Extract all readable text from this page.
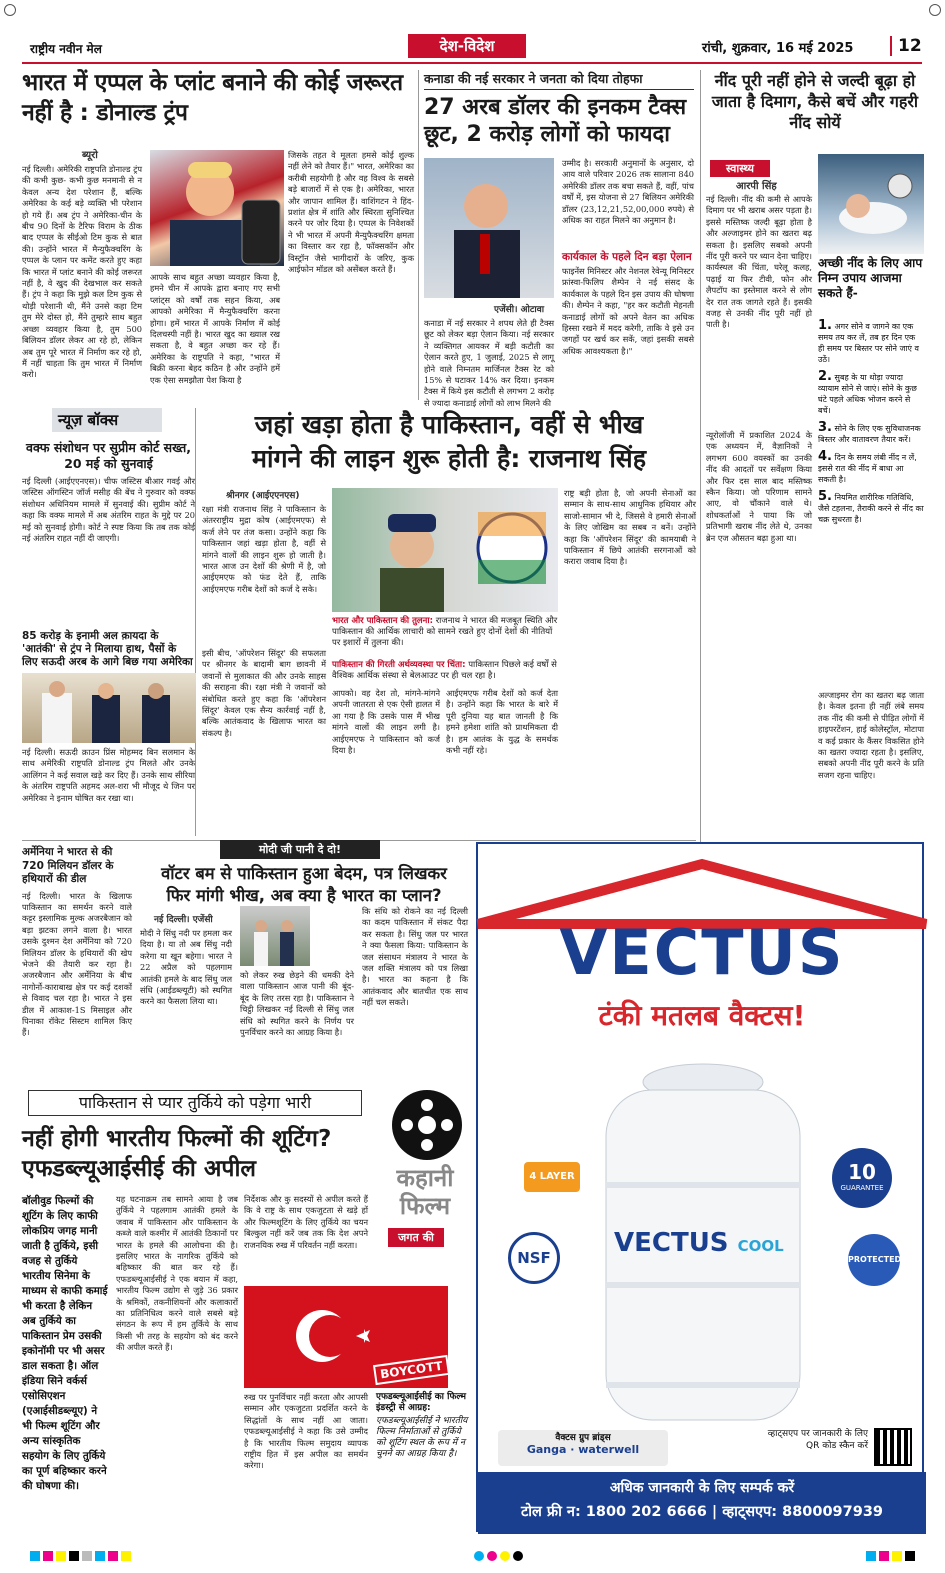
राष्ट्रीय नवीन मेल	देश-विदेश	रांची, शुक्रवार, 16 मई 2025	12
भारत में एप्पल के प्लांट बनाने की कोई जरूरत नहीं है : डोनाल्ड ट्रंप
ब्यूरो
नई दिल्ली। अमेरिकी राष्ट्रपति डोनाल्ड ट्रंप की कभी कुछ- कभी कुछ मनमानी से न केवल अन्य देश परेशान हैं, बल्कि अमेरिका के कई बड़े व्यक्ति भी परेशान हो गये हैं। अब ट्रंप ने अमेरिका-चीन के बीच 90 दिनों के टैरिफ विराम के ठीक बाद एप्पल के सीईओ टिम कुक से बात की। उन्होंने भारत में मैन्युफैक्चरिंग के एप्पल के प्लान पर कमेंट करते हुए कहा कि भारत में प्लांट बनाने की कोई जरूरत नहीं है, वे खुद की देखभाल कर सकते हैं। ट्रंप ने कहा कि मुझे कल टिम कुक से थोड़ी परेशानी थी, मैंने उनसे कहा टिम तुम मेरे दोस्त हो, मैंने तुम्हारे साथ बहुत अच्छा व्यवहार किया है, तुम 500 बिलियन डॉलर लेकर आ रहे हो, लेकिन अब तुम पूरे भारत में निर्माण कर रहे हो, मैं नहीं चाहता कि तुम भारत में निर्माण करो।
आपके साथ बहुत अच्छा व्यवहार किया है, हमने चीन में आपके द्वारा बनाए गए सभी प्लांट्स को वर्षों तक सहन किया, अब आपको अमेरिका में मैन्युफैक्चरिंग करना होगा। हमें भारत में आपके निर्माण में कोई दिलचस्पी नहीं है। भारत खुद का ख्याल रख सकता है, वे बहुत अच्छा कर रहे हैं। अमेरिका के राष्ट्रपति ने कहा, "भारत में बिक्री करना बेहद कठिन है और उन्होंने हमें एक ऐसा समझौता पेश किया है
जिसके तहत वे मूलतः हमसे कोई शुल्क नहीं लेने को तैयार हैं।" भारत, अमेरिका का करीबी सहयोगी है और वह विश्व के सबसे बड़े बाजारों में से एक है। अमेरिका, भारत और जापान शामिल हैं। वाशिंगटन ने हिंद-प्रशांत क्षेत्र में शांति और स्थिरता सुनिश्चित करने पर जोर दिया है। एप्पल के निवेशकों ने भी भारत में अपनी मैन्युफैक्चरिंग क्षमता का विस्तार कर रहा है, फॉक्सकॉन और विस्ट्रॉन जैसे भागीदारों के जरिए, कुक आईफोन मॉडल को असेंबल करते हैं।
कनाडा की नई सरकार ने जनता को दिया तोहफा
27 अरब डॉलर की इनकम टैक्स छूट, 2 करोड़ लोगों को फायदा
एजेंसी। ओटावा
कनाडा में नई सरकार ने शपथ लेते ही टैक्स छूट को लेकर बड़ा ऐलान किया। नई सरकार ने व्यक्तिगत आयकर में बड़ी कटौती का ऐलान करते हुए, 1 जुलाई, 2025 से लागू होने वाले निम्नतम मार्जिनल टैक्स रेट को 15% से घटाकर 14% कर दिया। इनकम टैक्स में किये इस कटौती से लगभग 2 करोड़ से ज्यादा कनाडाई लोगों को लाभ मिलने की
उम्मीद है। सरकारी अनुमानों के अनुसार, दो आय वाले परिवार 2026 तक सालाना 840 अमेरिकी डॉलर तक बचा सकते हैं, वहीं, पांच वर्षों में, इस योजना से 27 बिलियन अमेरिकी डॉलर (23,12,21,52,00,000 रुपये) से अधिक का राहत मिलने का अनुमान है।
कार्यकाल के पहले दिन बड़ा ऐलान
फाइनेंस मिनिस्टर और नेशनल रेवेन्यू मिनिस्टर फ्रांस्वा-फिलिप शैम्पेन ने नई संसद के कार्यकाल के पहले दिन इस उपाय की घोषणा की। शैम्पेन ने कहा, "हर कर कटौती मेहनती कनाडाई लोगों को अपने वेतन का अधिक हिस्सा रखने में मदद करेगी, ताकि वे इसे उन जगहों पर खर्च कर सकें, जहां इसकी सबसे अधिक आवश्यकता है।"
नींद पूरी नहीं होने से जल्दी बूढ़ा हो जाता है दिमाग, कैसे बचें और गहरी नींद सोयें
स्वास्थ्य
आरपी सिंह
नई दिल्ली। नींद की कमी से आपके दिमाग पर भी खराब असर पड़ता है। इससे मस्तिष्क जल्दी बूढ़ा होता है और अल्जाइमर होने का खतरा बढ़ सकता है। इसलिए सबको अपनी नींद पूरी करने पर ध्यान देना चाहिए। कार्यस्थल की चिंता, घरेलू कलह, पढ़ाई या फिर टीवी, फोन और लैपटॉप का इस्तेमाल करने से लोग देर रात तक जागते रहते हैं। इसकी वजह से उनकी नींद पूरी नहीं हो पाती है।
अच्छी नींद के लिए आप निम्न उपाय आजमा सकते हैं-
1. अगर सोने व जागने का एक समय तय कर लें, तब हर दिन एक ही समय पर बिस्तर पर सोने जाएं व उठें।
2. सुबह के या थोड़ा ज्यादा व्यायाम सोने से जाएं। सोने के कुछ घंटे पहले अधिक भोजन करने से बचें।
3. सोने के लिए एक सुविधाजनक बिस्तर और वातावरण तैयार करें।
4. दिन के समय लंबी नींद न लें, इससे रात की नींद में बाधा आ सकती है।
5. नियमित शारीरिक गतिविधि, जैसे टहलना, तैराकी करने से नींद का चक्र सुधरता है।
न्यूरोलॉजी में प्रकाशित 2024 के एक अध्ययन में, वैज्ञानिकों ने लगभग 600 वयस्कों का उनकी नींद की आदतों पर सर्वेक्षण किया और फिर दस साल बाद मस्तिष्क स्कैन किया। जो परिणाम सामने आए, वो चौंकाने वाले थे। शोधकर्ताओं ने पाया कि जो प्रतिभागी खराब नींद लेते थे, उनका ब्रेन एज औसतन बढ़ा हुआ था।
अल्जाइमर रोग का खतरा बढ़ जाता है। केवल इतना ही नहीं लंबे समय तक नींद की कमी से पीड़ित लोगों में हाइपरटेंशन, हाई कोलेस्ट्रॉल, मोटापा व कई प्रकार के कैंसर विकसित होने का खतरा ज्यादा रहता है। इसलिए, सबको अपनी नींद पूरी करने के प्रति सजग रहना चाहिए।
न्यूज़ बॉक्स
वक्फ संशोधन पर सुप्रीम कोर्ट सख्त, 20 मई को सुनवाई
नई दिल्ली (आईएएनएस)। चीफ जस्टिस बीआर गवई और जस्टिस ऑगस्टिन जॉर्ज मसीह की बेंच ने गुरुवार को वक्फ संशोधन अधिनियम मामले में सुनवाई की। सुप्रीम कोर्ट ने कहा कि वक्फ मामले में अब अंतरिम राहत के मुद्दे पर 20 मई को सुनवाई होगी। कोर्ट ने स्पष्ट किया कि तब तक कोई नई अंतरिम राहत नहीं दी जाएगी।
85 करोड़ के इनामी अल क़ायदा के 'आतंकी' से ट्रंप ने मिलाया हाथ, पैसों के लिए सऊदी अरब के आगे बिछ गया अमेरिका
नई दिल्ली। सऊदी क्राउन प्रिंस मोहम्मद बिन सलमान के साथ अमेरिकी राष्ट्रपति डोनाल्ड ट्रंप मिलते और उनके आलिंगन ने कई सवाल खड़े कर दिए हैं। उनके साथ सीरिया के अंतरिम राष्ट्रपति अहमद अल-शरा भी मौजूद थे जिन पर अमेरिका ने इनाम घोषित कर रखा था।
जहां खड़ा होता है पाकिस्तान, वहीं से भीख
मांगने की लाइन शुरू होती है: राजनाथ सिंह
श्रीनगर (आईएएनएस)
रक्षा मंत्री राजनाथ सिंह ने पाकिस्तान के अंतरराष्ट्रीय मुद्रा कोष (आईएमएफ) से कर्ज लेने पर तंज कसा। उन्होंने कहा कि पाकिस्तान जहां खड़ा होता है, वहीं से मांगने वालों की लाइन शुरू हो जाती है। भारत आज उन देशों की श्रेणी में है, जो आईएमएफ को फंड देते हैं, ताकि आईएमएफ गरीब देशों को कर्ज दे सके।
इसी बीच, 'ऑपरेशन सिंदूर' की सफलता पर श्रीनगर के बादामी बाग छावनी में जवानों से मुलाकात की और उनके साहस की सराहना की। रक्षा मंत्री ने जवानों को संबोधित करते हुए कहा कि 'ऑपरेशन सिंदूर' केवल एक सैन्य कार्रवाई नहीं है, बल्कि आतंकवाद के खिलाफ भारत का संकल्प है।
भारत और पाकिस्तान की तुलना: राजनाथ ने भारत की मजबूत स्थिति और पाकिस्तान की आर्थिक लाचारी को सामने रखते हुए दोनों देशों की नीतियों पर इशारों में तुलना की।
पाकिस्तान की गिरती अर्थव्यवस्था पर चिंता: पाकिस्तान पिछले कई वर्षों से वैश्विक आर्थिक संस्था से बेलआउट पर ही चल रहा है।
आपको। वह देश तो, मांगने-मांगने अपनी जातरता से एक ऐसी हालत में आ गया है कि उसके पास मैं भीख मांगने वालों की लाइन लगी है। आईएमएफ ने पाकिस्तान को कर्ज दिया है।
आईएमएफ गरीब देशों को कर्ज देता है। उन्होंने कहा कि भारत के बारे में पूरी दुनिया यह बात जानती है कि हमने हमेशा शांति को प्राथमिकता दी है। हम आतंक के युद्ध के समर्थक कभी नहीं रहे।
राष्ट्र बड़ी होता है, जो अपनी सेनाओं का सम्मान के साथ-साथ आधुनिक हथियार और साजो-सामान भी दे, जिससे वे हमारी सेनाओं के लिए जोखिम का सबब न बनें। उन्होंने कहा कि 'ऑपरेशन सिंदूर' की कामयाबी ने पाकिस्तान में छिपे आतंकी सरगनाओं को करारा जवाब दिया है।
अर्मेनिया ने भारत से की 720 मिलियन डॉलर के हथियारों की डील
नई दिल्ली। भारत के खिलाफ पाकिस्तान का समर्थन करने वाले कट्टर इस्लामिक मुल्क अजरबैजान को बड़ा झटका लगने वाला है। भारत उसके दुश्मन देश अर्मेनिया को 720 मिलियन डॉलर के हथियारों की खेप भेजने की तैयारी कर रहा है। अजरबैजान और अर्मेनिया के बीच नागोर्नो-काराबाख क्षेत्र पर कई दशकों से विवाद चल रहा है। भारत ने इस डील में आकाश-1S मिसाइल और पिनाका रॉकेट सिस्टम शामिल किए हैं।
मोदी जी पानी दे दो!
वॉटर बम से पाकिस्तान हुआ बेदम, पत्र लिखकर
फिर मांगी भीख, अब क्या है भारत का प्लान?
नई दिल्ली। एजेंसी
मोदी ने सिंधु नदी पर हमला कर दिया है। या तो अब सिंधु नदी करेगा या खून बहेगा। भारत ने 22 अप्रैल को पहलगाम आतंकी हमले के बाद सिंधु जल संधि (आईडब्ल्यूटी) को स्थगित करने का फैसला लिया था।
को लेकर रुख छेड़ने की धमकी देने वाला पाकिस्तान आज पानी की बूंद-बूंद के लिए तरस रहा है। पाकिस्तान ने चिट्ठी लिखकर नई दिल्ली से सिंधु जल संधि को स्थगित करने के निर्णय पर पुनर्विचार करने का आग्रह किया है।
कि संधि को रोकने का नई दिल्ली का कदम पाकिस्तान में संकट पैदा कर सकता है। सिंधु जल पर भारत ने क्या फैसला किया: पाकिस्तान के जल संसाधन मंत्रालय ने भारत के जल शक्ति मंत्रालय को पत्र लिखा है। भारत का कहना है कि आतंकवाद और बातचीत एक साथ नहीं चल सकते।
पाकिस्तान से प्यार तुर्किये को पड़ेगा भारी
नहीं होगी भारतीय फिल्मों की शूटिंग? एफडब्ल्यूआईसीई की अपील	कहानी फिल्म
जगत की
बॉलीवुड फिल्मों की शूटिंग के लिए काफी लोकप्रिय जगह मानी जाती है तुर्किये, इसी वजह से तुर्किये भारतीय सिनेमा के माध्यम से काफी कमाई भी करता है लेकिन अब तुर्किये का पाकिस्तान प्रेम उसकी इकोनॉमी पर भी असर डाल सकता है। ऑल इंडिया सिने वर्कर्स एसोसिएशन (एआईसीडब्ल्यूए) ने भी फिल्म शूटिंग और अन्य सांस्कृतिक सहयोग के लिए तुर्किये का पूर्ण बहिष्कार करने की घोषणा की।
यह घटनाक्रम तब सामने आया है जब तुर्किये ने पहलगाम आतंकी हमले के जवाब में पाकिस्तान और पाकिस्तान के कब्जे वाले कश्मीर में आतंकी ठिकानों पर भारत के हमले की आलोचना की है। इसलिए भारत के नागरिक तुर्किये को बहिष्कार की बात कर रहे हैं। एफडब्ल्यूआईसीई ने एक बयान में कहा, भारतीय फिल्म उद्योग से जुड़े 36 प्रकार के श्रमिकों, तकनीशियनों और कलाकारों का प्रतिनिधित्व करने वाले सबसे बड़े संगठन के रूप में हम तुर्किये के साथ किसी भी तरह के सहयोग को बंद करने की अपील करते हैं।
निर्देशक और कु सदस्यों से अपील करते हैं कि वे राष्ट्र के साथ एकजुटता से खड़े हों और फिल्मशूटिंग के लिए तुर्किये का चयन बिल्कुल नहीं करें जब तक कि देश अपने राजनयिक रुख में परिवर्तन नहीं करता।
BOYCOTT
रुख पर पुनर्विचार नहीं करता और आपसी सम्मान और एकजुटता प्रदर्शित करने के सिद्धांतों के साथ नहीं आ जाता। एफडब्ल्यूआईसीई ने कहा कि उसे उम्मीद है कि भारतीय फिल्म समुदाय व्यापक राष्ट्रीय हित में इस अपील का समर्थन करेगा।
एफडब्ल्यूआईसीई का फिल्म इंडस्ट्री से आग्रह:
एफडब्ल्यूआईसीई ने भारतीय फिल्म निर्माताओं से तुर्किये को शूटिंग स्थल के रूप में न चुनने का आग्रह किया है।
VECTUS
टंकी मतलब वैक्टस!
VECTUS COOL
4 LAYER	10
GUARANTEE
NSF	PROTECTED
वैक्टस ग्रुप ब्रांड्स
Ganga · waterwell
व्हाट्सएप पर जानकारी के लिए QR कोड स्कैन करें
अधिक जानकारी के लिए सम्पर्क करें
टोल फ्री न: 1800 202 6666 | व्हाट्सएप: 8800097939
